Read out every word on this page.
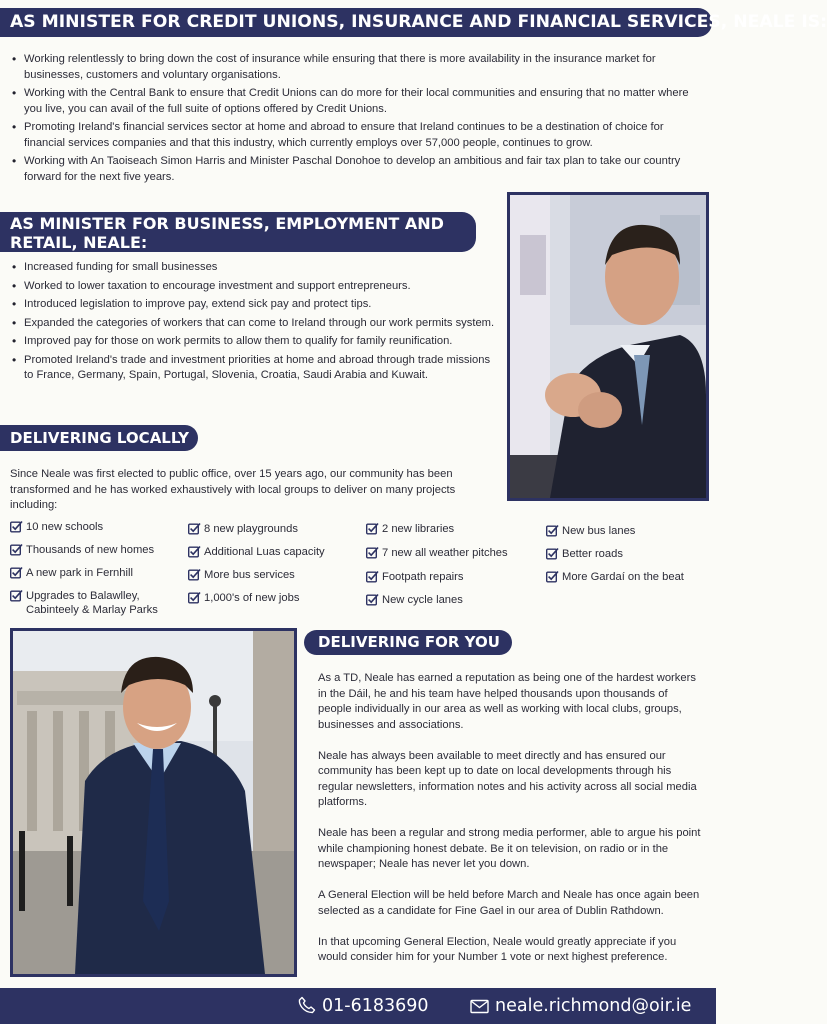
AS MINISTER FOR CREDIT UNIONS, INSURANCE AND FINANCIAL SERVICES, NEALE IS:
• Working relentlessly to bring down the cost of insurance while ensuring that there is more availability in the insurance market for businesses, customers and voluntary organisations.
• Working with the Central Bank to ensure that Credit Unions can do more for their local communities and ensuring that no matter where you live, you can avail of the full suite of options offered by Credit Unions.
• Promoting Ireland's financial services sector at home and abroad to ensure that Ireland continues to be a destination of choice for financial services companies and that this industry, which currently employs over 57,000 people, continues to grow.
• Working with An Taoiseach Simon Harris and Minister Paschal Donohoe to develop an ambitious and fair tax plan to take our country forward for the next five years.
AS MINISTER FOR BUSINESS, EMPLOYMENT AND RETAIL, NEALE:
• Increased funding for small businesses
• Worked to lower taxation to encourage investment and support entrepreneurs.
• Introduced legislation to improve pay, extend sick pay and protect tips.
• Expanded the categories of workers that can come to Ireland through our work permits system.
• Improved pay for those on work permits to allow them to qualify for family reunification.
• Promoted Ireland's trade and investment priorities at home and abroad through trade missions to France, Germany, Spain, Portugal, Slovenia, Croatia, Saudi Arabia and Kuwait.
DELIVERING LOCALLY

Since Neale was first elected to public office, over 15 years ago, our community has been transformed and he has worked exhaustively with local groups to deliver on many projects including:

10 new schools
Thousands of new homes
A new park in Fernhill
Upgrades to Balawlley, Cabinteely & Marlay Parks
8 new playgrounds
Additional Luas capacity
More bus services
1,000's of new jobs
2 new libraries
7 new all weather pitches
Footpath repairs
New cycle lanes
New bus lanes
Better roads
More Gardaí on the beat
DELIVERING FOR YOU

As a TD, Neale has earned a reputation as being one of the hardest workers in the Dáil, he and his team have helped thousands upon thousands of people individually in our area as well as working with local clubs, groups, businesses and associations.

Neale has always been available to meet directly and has ensured our community has been kept up to date on local developments through his regular newsletters, information notes and his activity across all social media platforms.

Neale has been a regular and strong media performer, able to argue his point while championing honest debate. Be it on television, on radio or in the newspaper; Neale has never let you down.

A General Election will be held before March and Neale has once again been selected as a candidate for Fine Gael in our area of Dublin Rathdown.

In that upcoming General Election, Neale would greatly appreciate if you would consider him for your Number 1 vote or next highest preference.

01-6183690	neale.richmond@oir.ie
